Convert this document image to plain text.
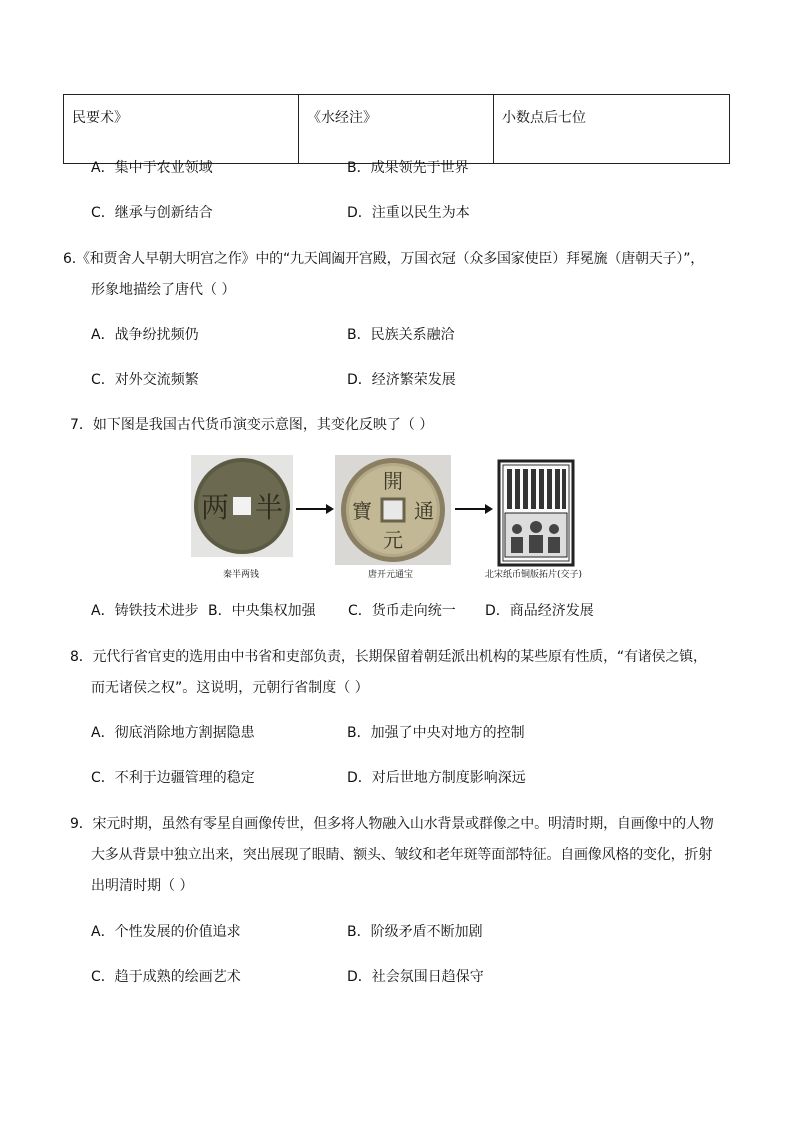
民要术》	《水经注》	小数点后七位
A．集中于农业领域	B．成果领先于世界
C．继承与创新结合	D．注重以民生为本
6.《和贾舍人早朝大明宫之作》中的“九天阊阖开宫殿，万国衣冠（众多国家使臣）拜冕旒（唐朝天子）”，
形象地描绘了唐代（ ）
A．战争纷扰频仍	B．民族关系融洽
C．对外交流频繁	D．经济繁荣发展
7．如下图是我国古代货币演变示意图，其变化反映了（ ）
两 半
秦半两钱
開
元
通
寶
唐开元通宝	北宋纸币铜版拓片(交子)
A．铸铁技术进步 B．中央集权加强 C．货币走向统一 D．商品经济发展
8．元代行省官吏的选用由中书省和吏部负责，长期保留着朝廷派出机构的某些原有性质，“有诸侯之镇，
而无诸侯之权”。这说明，元朝行省制度（ ）
A．彻底消除地方割据隐患	B．加强了中央对地方的控制
C．不利于边疆管理的稳定	D．对后世地方制度影响深远
9．宋元时期，虽然有零星自画像传世，但多将人物融入山水背景或群像之中。明清时期，自画像中的人物
大多从背景中独立出来，突出展现了眼睛、额头、皱纹和老年斑等面部特征。自画像风格的变化，折射
出明清时期（ ）
A．个性发展的价值追求	B．阶级矛盾不断加剧
C．趋于成熟的绘画艺术	D．社会氛围日趋保守
